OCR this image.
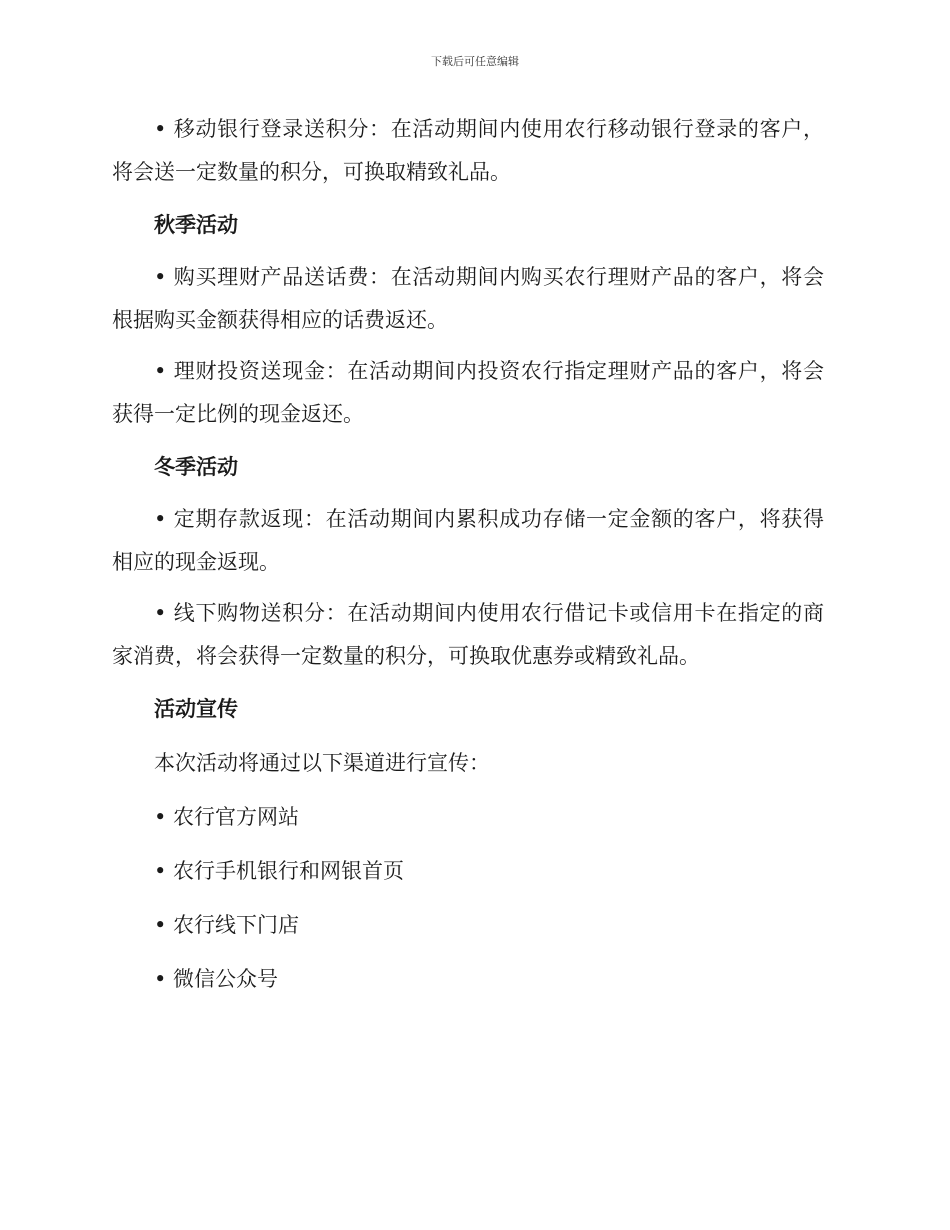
下载后可任意编辑

• 移动银行登录送积分：在活动期间内使用农行移动银行登录的客户，将会送一定数量的积分，可换取精致礼品。

秋季活动

• 购买理财产品送话费：在活动期间内购买农行理财产品的客户，将会根据购买金额获得相应的话费返还。

• 理财投资送现金：在活动期间内投资农行指定理财产品的客户，将会获得一定比例的现金返还。

冬季活动

• 定期存款返现：在活动期间内累积成功存储一定金额的客户，将获得相应的现金返现。

• 线下购物送积分：在活动期间内使用农行借记卡或信用卡在指定的商家消费，将会获得一定数量的积分，可换取优惠券或精致礼品。

活动宣传

本次活动将通过以下渠道进行宣传：

• 农行官方网站

• 农行手机银行和网银首页

• 农行线下门店

• 微信公众号
